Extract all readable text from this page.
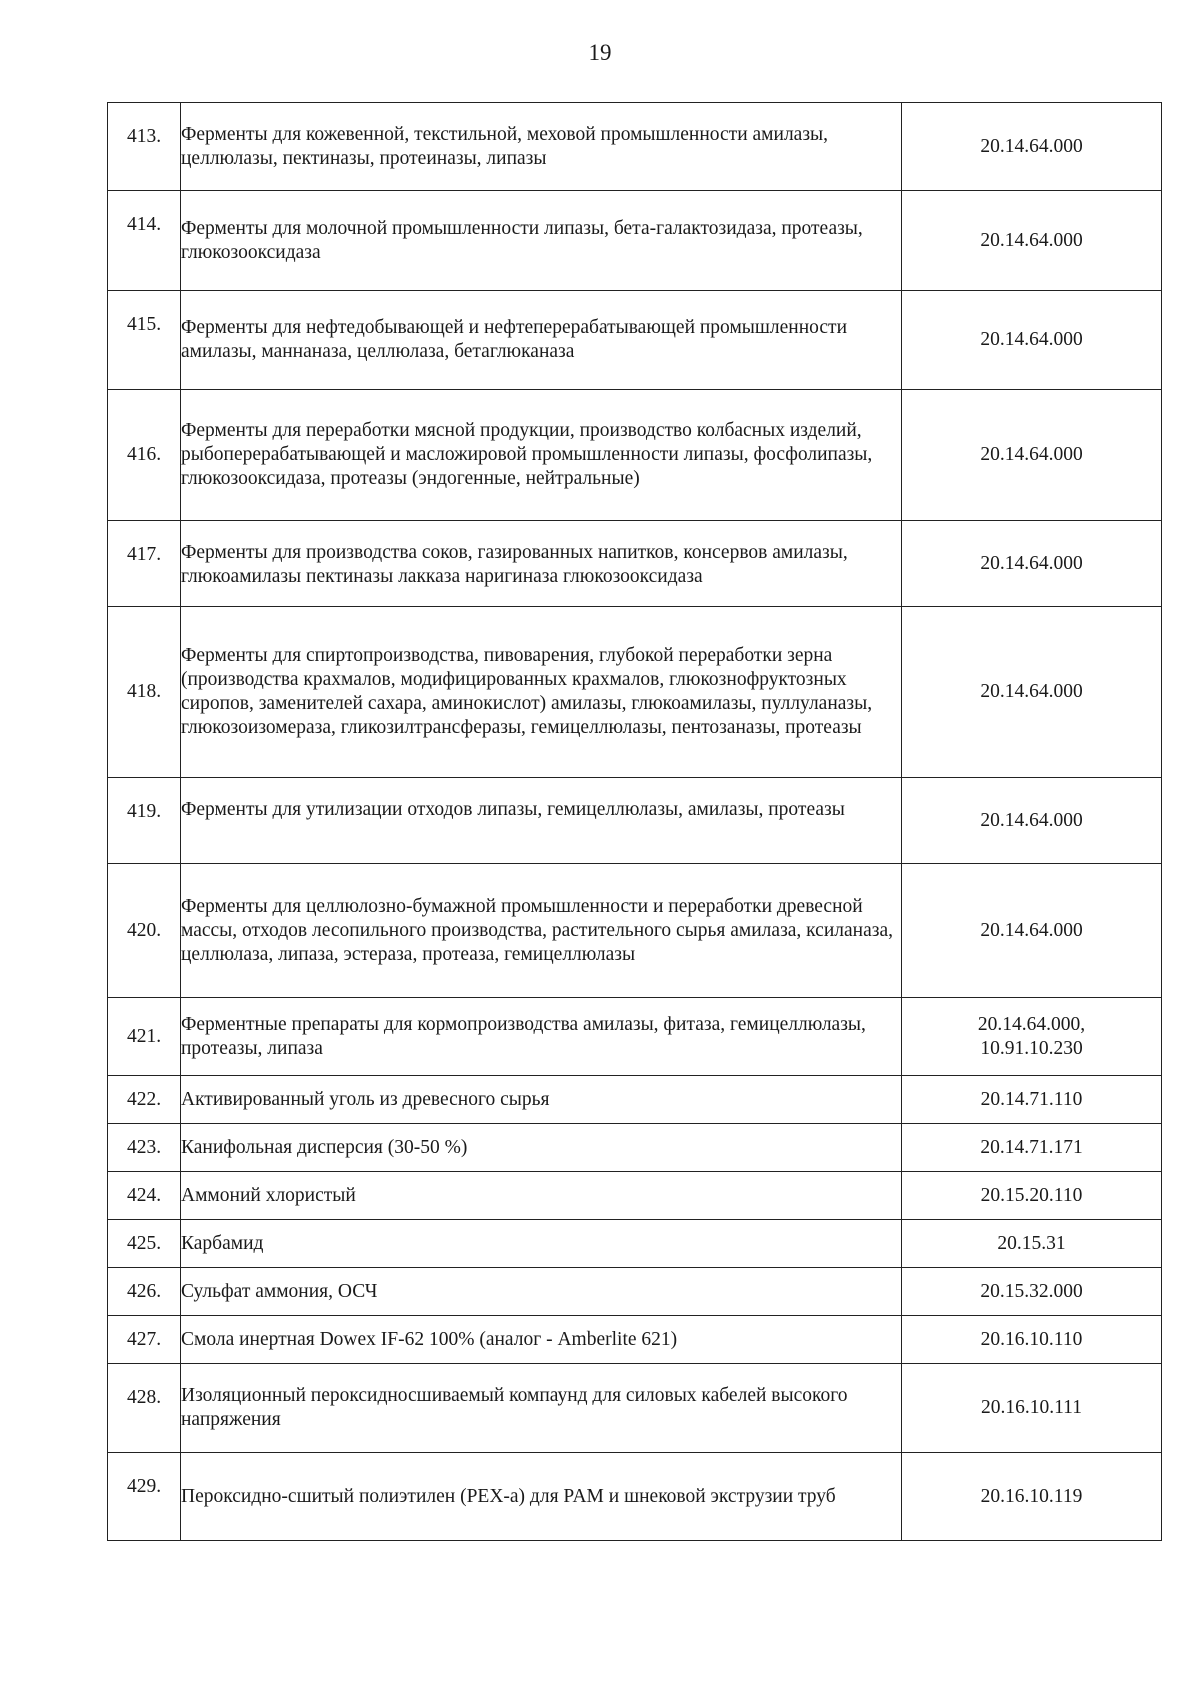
19
413.	Ферменты для кожевенной, текстильной, меховой промышленности амилазы, целлюлазы, пектиназы, протеиназы, липазы	20.14.64.000

414.	Ферменты для молочной промышленности липазы, бета-галактозидаза, протеазы, глюкозооксидаза	20.14.64.000

415.	Ферменты для нефтедобывающей и нефтеперерабатывающей промышленности амилазы, маннаназа, целлюлаза, бетаглюканаза	20.14.64.000

416.	Ферменты для переработки мясной продукции, производство колбасных изделий, рыбоперерабатывающей и масложировой промышленности липазы, фосфолипазы, глюкозооксидаза, протеазы (эндогенные, нейтральные)	20.14.64.000

417.	Ферменты для производства соков, газированных напитков, консервов амилазы, глюкоамилазы пектиназы лакказа наригиназа глюкозооксидаза	20.14.64.000

418.	Ферменты для спиртопроизводства, пивоварения, глубокой переработки зерна (производства крахмалов, модифицированных крахмалов, глюкознофруктозных сиропов, заменителей сахара, аминокислот) амилазы, глюкоамилазы, пуллуланазы, глюкозоизомераза, гликозилтрансферазы, гемицеллюлазы, пентозаназы, протеазы	20.14.64.000

419.	Ферменты для утилизации отходов липазы, гемицеллюлазы, амилазы, протеазы	20.14.64.000

420.	Ферменты для целлюлозно-бумажной промышленности и переработки древесной массы, отходов лесопильного производства, растительного сырья амилаза, ксиланаза, целлюлаза, липаза, эстераза, протеаза, гемицеллюлазы	20.14.64.000

421.	Ферментные препараты для кормопроизводства амилазы, фитаза, гемицеллюлазы, протеазы, липаза	20.14.64.000,
10.91.10.230

422.	Активированный уголь из древесного сырья	20.14.71.110

423.	Канифольная дисперсия (30-50 %)	20.14.71.171

424.	Аммоний хлористый	20.15.20.110

425.	Карбамид	20.15.31

426.	Сульфат аммония, ОСЧ	20.15.32.000

427.	Смола инертная Dowex IF-62 100% (аналог - Amberlite 621)	20.16.10.110

428.	Изоляционный пероксидносшиваемый компаунд для силовых кабелей высокого напряжения	20.16.10.111

429.	Пероксидно-сшитый полиэтилен (PEX-a) для PAM и шнековой экструзии труб	20.16.10.119
